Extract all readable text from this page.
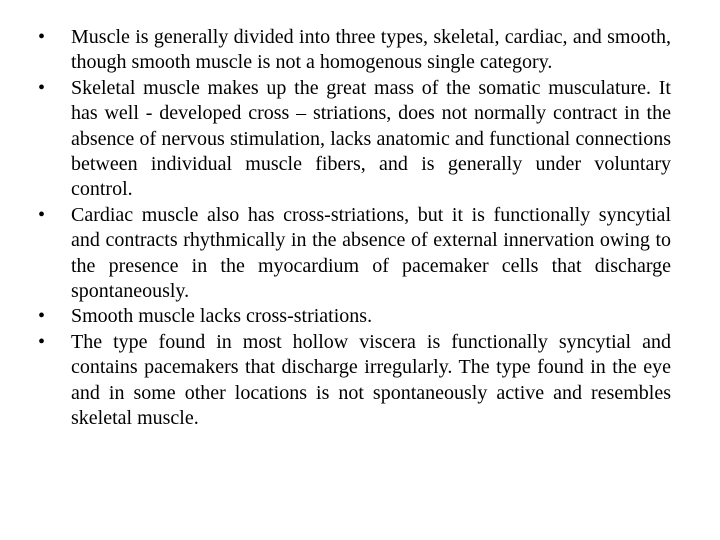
•	Muscle is generally divided into three types, skeletal, cardiac, and smooth, though smooth muscle is not a homogenous single category.
•	Skeletal muscle makes up the great mass of the somatic musculature. It has well - developed cross – striations, does not normally contract in the absence of nervous stimulation, lacks anatomic and functional connections between individual muscle fibers, and is generally under voluntary control.
•	Cardiac muscle also has cross-striations, but it is functionally syncytial and contracts rhythmically in the absence of external innervation owing to the presence in the myocardium of pacemaker cells that discharge spontaneously.
•	Smooth muscle lacks cross-striations.
•	The type found in most hollow viscera is functionally syncytial and contains pacemakers that discharge irregularly. The type found in the eye and in some other locations is not spontaneously active and resembles skeletal muscle.
